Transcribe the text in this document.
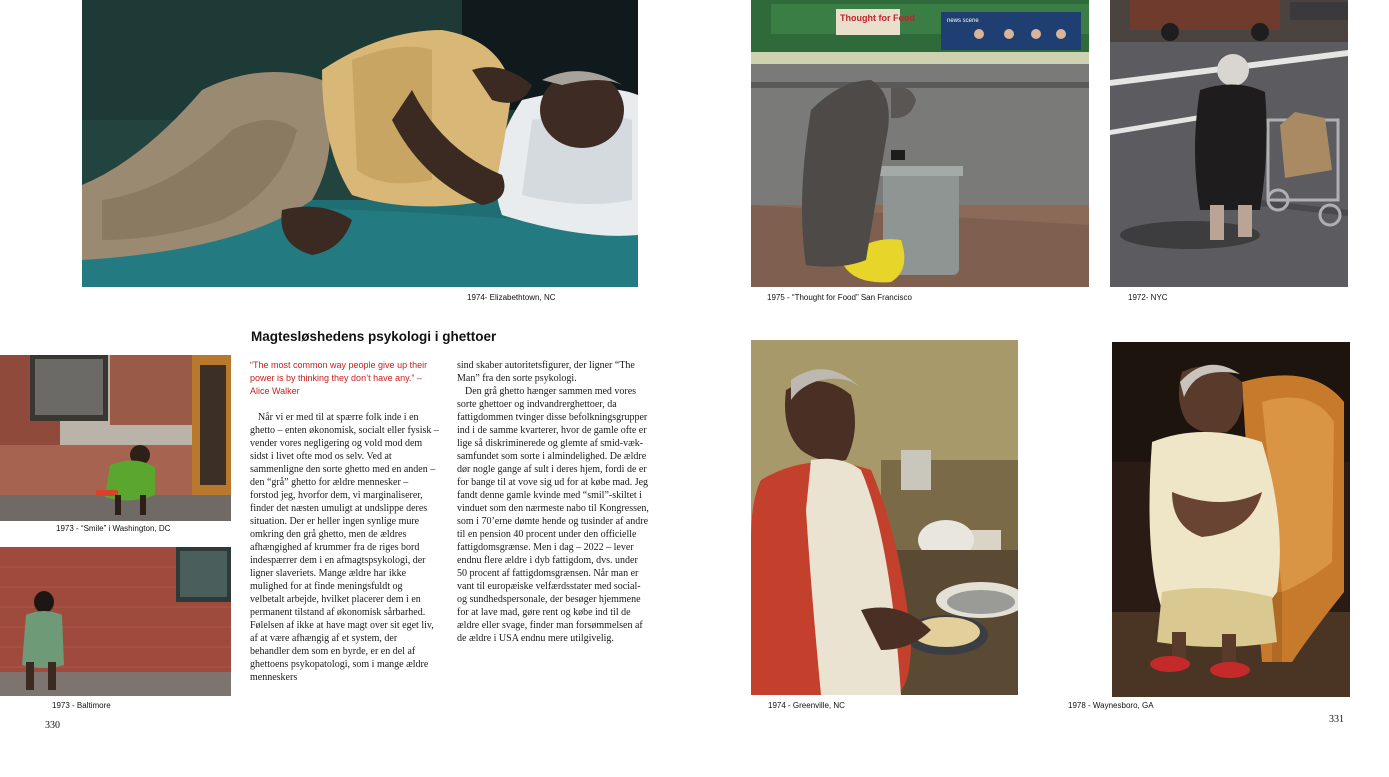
1974- Elizabethtown, NC
Thought for Food	news scene
1975 - “Thought for Food” San Francisco	1972- NYC
1973 - “Smile” i Washington, DC
1973 - Baltimore	1974 - Greenville, NC	1978 - Waynesboro, GA
Magtesløshedens psykologi i ghettoer
“The most common way people give up their power is by thinking they don’t have any.” – Alice Walker

Når vi er med til at spærre folk inde i en ghetto – enten økonomisk, socialt eller fysisk – vender vores negligering og vold mod dem sidst i livet ofte mod os selv. Ved at sammenligne den sorte ghetto med en anden – den “grå” ghetto for ældre mennesker – forstod jeg, hvorfor dem, vi marginaliserer, finder det næsten umuligt at undslippe deres situation. Der er heller ingen synlige mure omkring den grå ghetto, men de ældres afhængighed af krummer fra de riges bord indespærrer dem i en afmagtspsykologi, der ligner slaveriets. Mange ældre har ikke mulighed for at finde meningsfuldt og velbetalt arbejde, hvilket placerer dem i en permanent tilstand af økonomisk sårbarhed. Følelsen af ikke at have magt over sit eget liv, af at være afhængig af et system, der behandler dem som en byrde, er en del af ghettoens psykopatologi, som i mange ældre menneskers

sind skaber autoritetsfigurer, der ligner “The Man” fra den sorte psykologi.

Den grå ghetto hænger sammen med vores sorte ghettoer og indvandrerghettoer, da fattigdommen tvinger disse befolkningsgrupper ind i de samme kvarterer, hvor de gamle ofte er lige så diskriminerede og glemte af smid-væk-samfundet som sorte i almindelighed. De ældre dør nogle gange af sult i deres hjem, fordi de er for bange til at vove sig ud for at købe mad. Jeg fandt denne gamle kvinde med “smil”-skiltet i vinduet som den nærmeste nabo til Kongressen, som i 70’erne dømte hende og tusinder af andre til en pension 40 procent under den officielle fattigdomsgrænse. Men i dag – 2022 – lever endnu flere ældre i dyb fattigdom, dvs. under 50 procent af fattigdomsgrænsen. Når man er vant til europæiske velfærdsstater med social- og sundhedspersonale, der besøger hjemmene for at lave mad, gøre rent og købe ind til de ældre eller svage, finder man forsømmelsen af de ældre i USA endnu mere utilgivelig.

330
331
